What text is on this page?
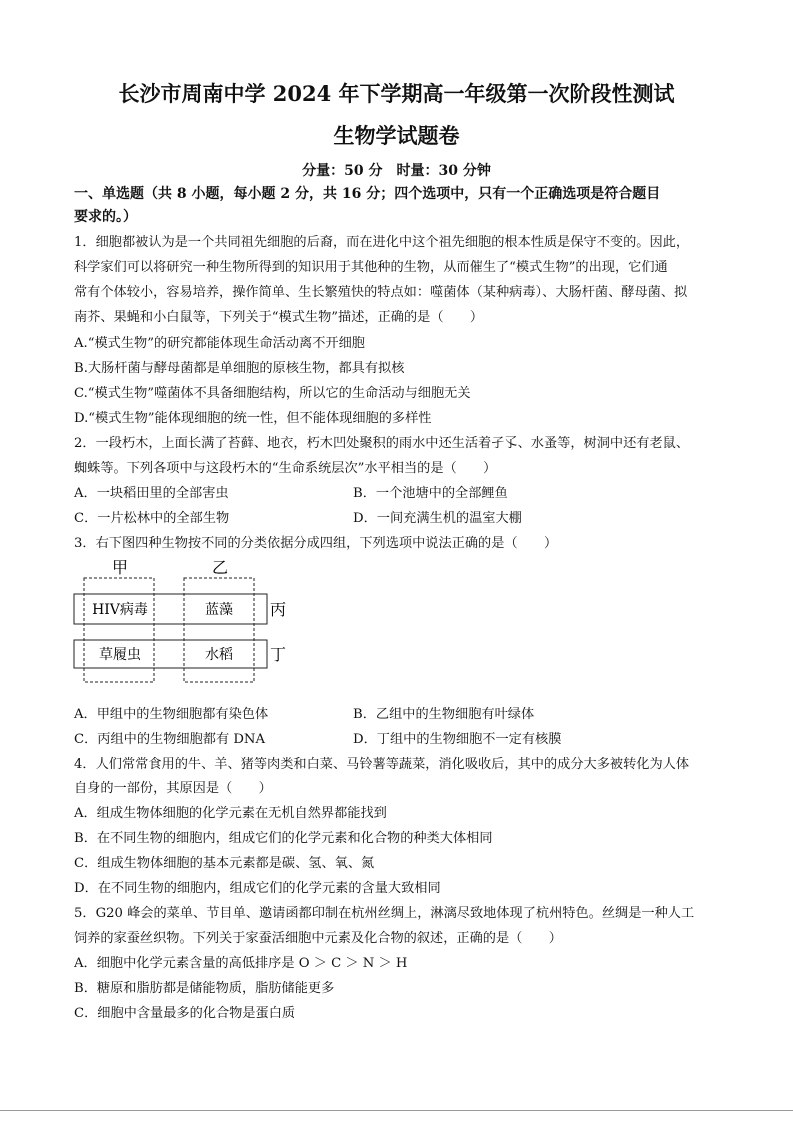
长沙市周南中学 2024 年下学期高一年级第一次阶段性测试
生物学试题卷
分量：50 分　时量：30 分钟
一、单选题（共 8 小题，每小题 2 分，共 16 分；四个选项中，只有一个正确选项是符合题目
要求的。）
1．细胞都被认为是一个共同祖先细胞的后裔，而在进化中这个祖先细胞的根本性质是保守不变的。因此，
科学家们可以将研究一种生物所得到的知识用于其他种的生物，从而催生了“模式生物”的出现，它们通
常有个体较小，容易培养，操作简单、生长繁殖快的特点如：噬菌体（某种病毒）、大肠杆菌、酵母菌、拟
南芥、果蝇和小白鼠等，下列关于“模式生物”描述，正确的是（　　）
A.“模式生物”的研究都能体现生命活动离不开细胞
B.大肠杆菌与酵母菌都是单细胞的原核生物，都具有拟核
C.“模式生物”噬菌体不具备细胞结构，所以它的生命活动与细胞无关
D.“模式生物”能体现细胞的统一性，但不能体现细胞的多样性
2．一段朽木，上面长满了苔藓、地衣，朽木凹处聚积的雨水中还生活着孑孓、水蚤等，树洞中还有老鼠、
蜘蛛等。下列各项中与这段朽木的“生命系统层次”水平相当的是（　　）
A．一块稻田里的全部害虫	B．一个池塘中的全部鲤鱼
C．一片松林中的全部生物	D．一间充满生机的温室大棚
3．右下图四种生物按不同的分类依据分成四组，下列选项中说法正确的是（　　）
甲	乙
丙
丁
HIV病毒	蓝藻
草履虫	水稻
A．甲组中的生物细胞都有染色体	B．乙组中的生物细胞有叶绿体
C．丙组中的生物细胞都有 DNA	D．丁组中的生物细胞不一定有核膜
4．人们常常食用的牛、羊、猪等肉类和白菜、马铃薯等蔬菜，消化吸收后，其中的成分大多被转化为人体
自身的一部份，其原因是（　　）
A．组成生物体细胞的化学元素在无机自然界都能找到
B．在不同生物的细胞内，组成它们的化学元素和化合物的种类大体相同
C．组成生物体细胞的基本元素都是碳、氢、氧、氮
D．在不同生物的细胞内，组成它们的化学元素的含量大致相同
5．G20 峰会的菜单、节目单、邀请函都印制在杭州丝绸上，淋漓尽致地体现了杭州特色。丝绸是一种人工
饲养的家蚕丝织物。下列关于家蚕活细胞中元素及化合物的叙述，正确的是（　　）
A．细胞中化学元素含量的高低排序是 O ＞ C ＞ N ＞ H
B．糖原和脂肪都是储能物质，脂肪储能更多
C．细胞中含量最多的化合物是蛋白质
